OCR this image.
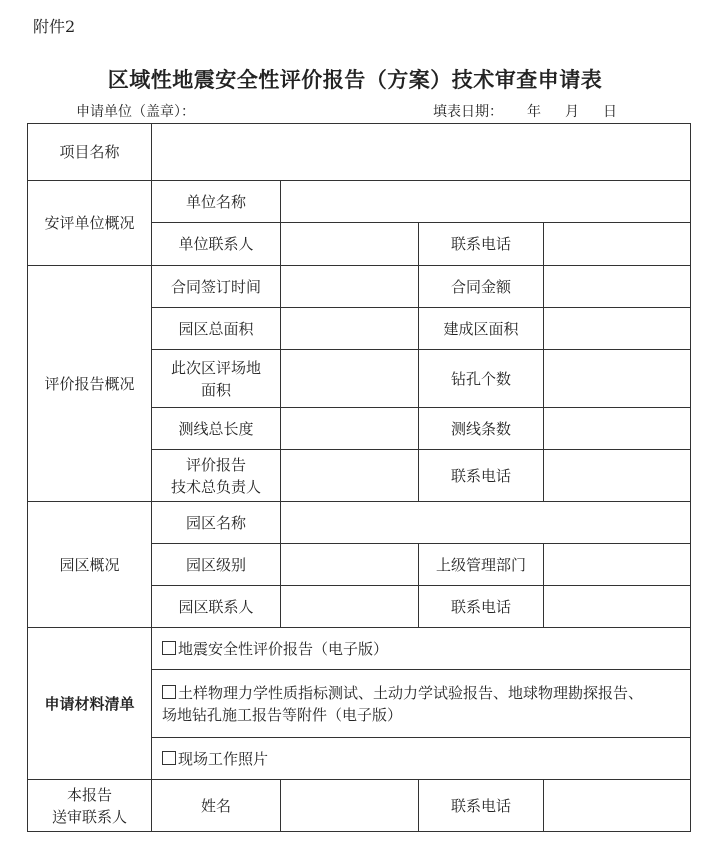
附件2
区域性地震安全性评价报告（方案）技术审查申请表
申请单位（盖章）：	填表日期： 年 月 日
项目名称				
安评单位概况	单位名称			
	单位联系人		联系电话	
评价报告概况	合同签订时间		合同金额	
	园区总面积		建成区面积	
	此次区评场地
面积		钻孔个数	
	测线总长度		测线条数	
	评价报告
技术总负责人		联系电话	
园区概况	园区名称			
	园区级别		上级管理部门	
	园区联系人		联系电话	
申请材料清单	地震安全性评价报告（电子版）			
	土样物理力学性质指标测试、土动力学试验报告、地球物理勘探报告、
场地钻孔施工报告等附件（电子版）			
	现场工作照片			
本报告
送审联系人	姓名		联系电话	
